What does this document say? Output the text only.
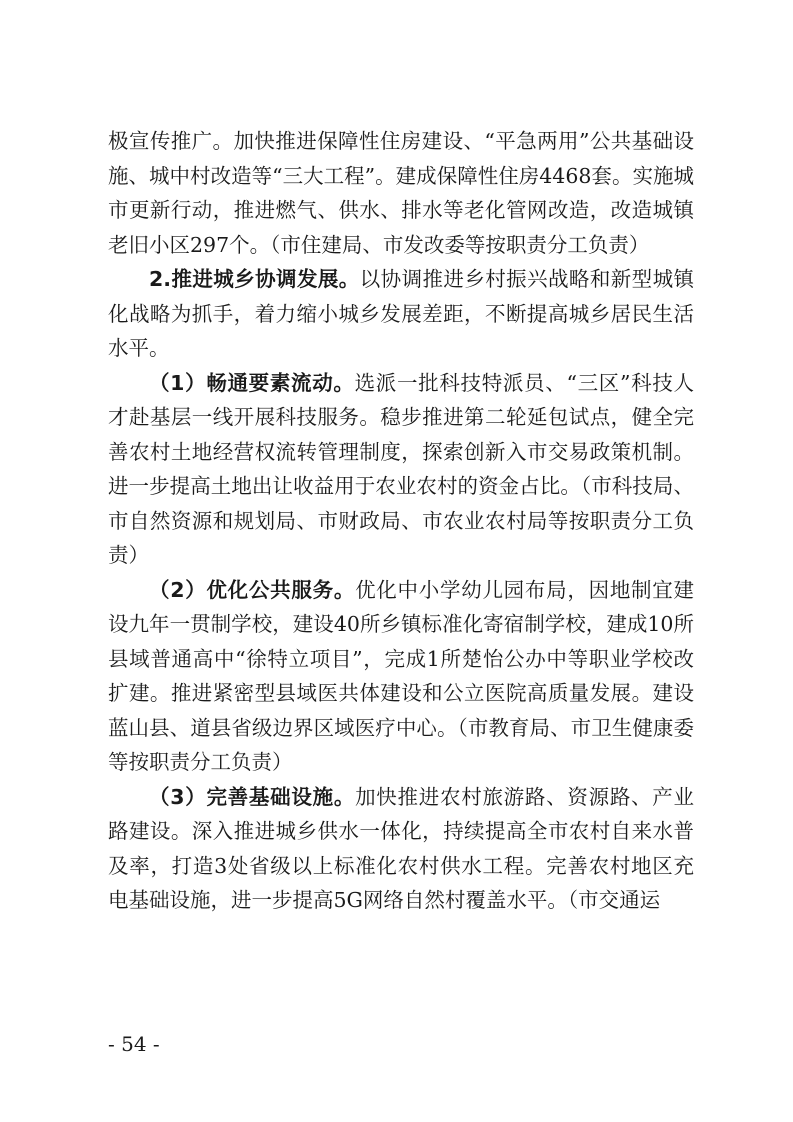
极宣传推广。加快推进保障性住房建设、“平急两用”公共基础设施、城中村改造等“三大工程”。建成保障性住房4468套。实施城市更新行动，推进燃气、供水、排水等老化管网改造，改造城镇老旧小区297个。（市住建局、市发改委等按职责分工负责）

2.推进城乡协调发展。以协调推进乡村振兴战略和新型城镇化战略为抓手，着力缩小城乡发展差距，不断提高城乡居民生活水平。

（1）畅通要素流动。选派一批科技特派员、“三区”科技人才赴基层一线开展科技服务。稳步推进第二轮延包试点，健全完善农村土地经营权流转管理制度，探索创新入市交易政策机制。进一步提高土地出让收益用于农业农村的资金占比。（市科技局、市自然资源和规划局、市财政局、市农业农村局等按职责分工负责）

（2）优化公共服务。优化中小学幼儿园布局，因地制宜建设九年一贯制学校，建设40所乡镇标准化寄宿制学校，建成10所县域普通高中“徐特立项目”，完成1所楚怡公办中等职业学校改扩建。推进紧密型县域医共体建设和公立医院高质量发展。建设蓝山县、道县省级边界区域医疗中心。（市教育局、市卫生健康委等按职责分工负责）

（3）完善基础设施。加快推进农村旅游路、资源路、产业路建设。深入推进城乡供水一体化，持续提高全市农村自来水普及率，打造3处省级以上标准化农村供水工程。完善农村地区充电基础设施，进一步提高5G网络自然村覆盖水平。（市交通运

- 54 -
